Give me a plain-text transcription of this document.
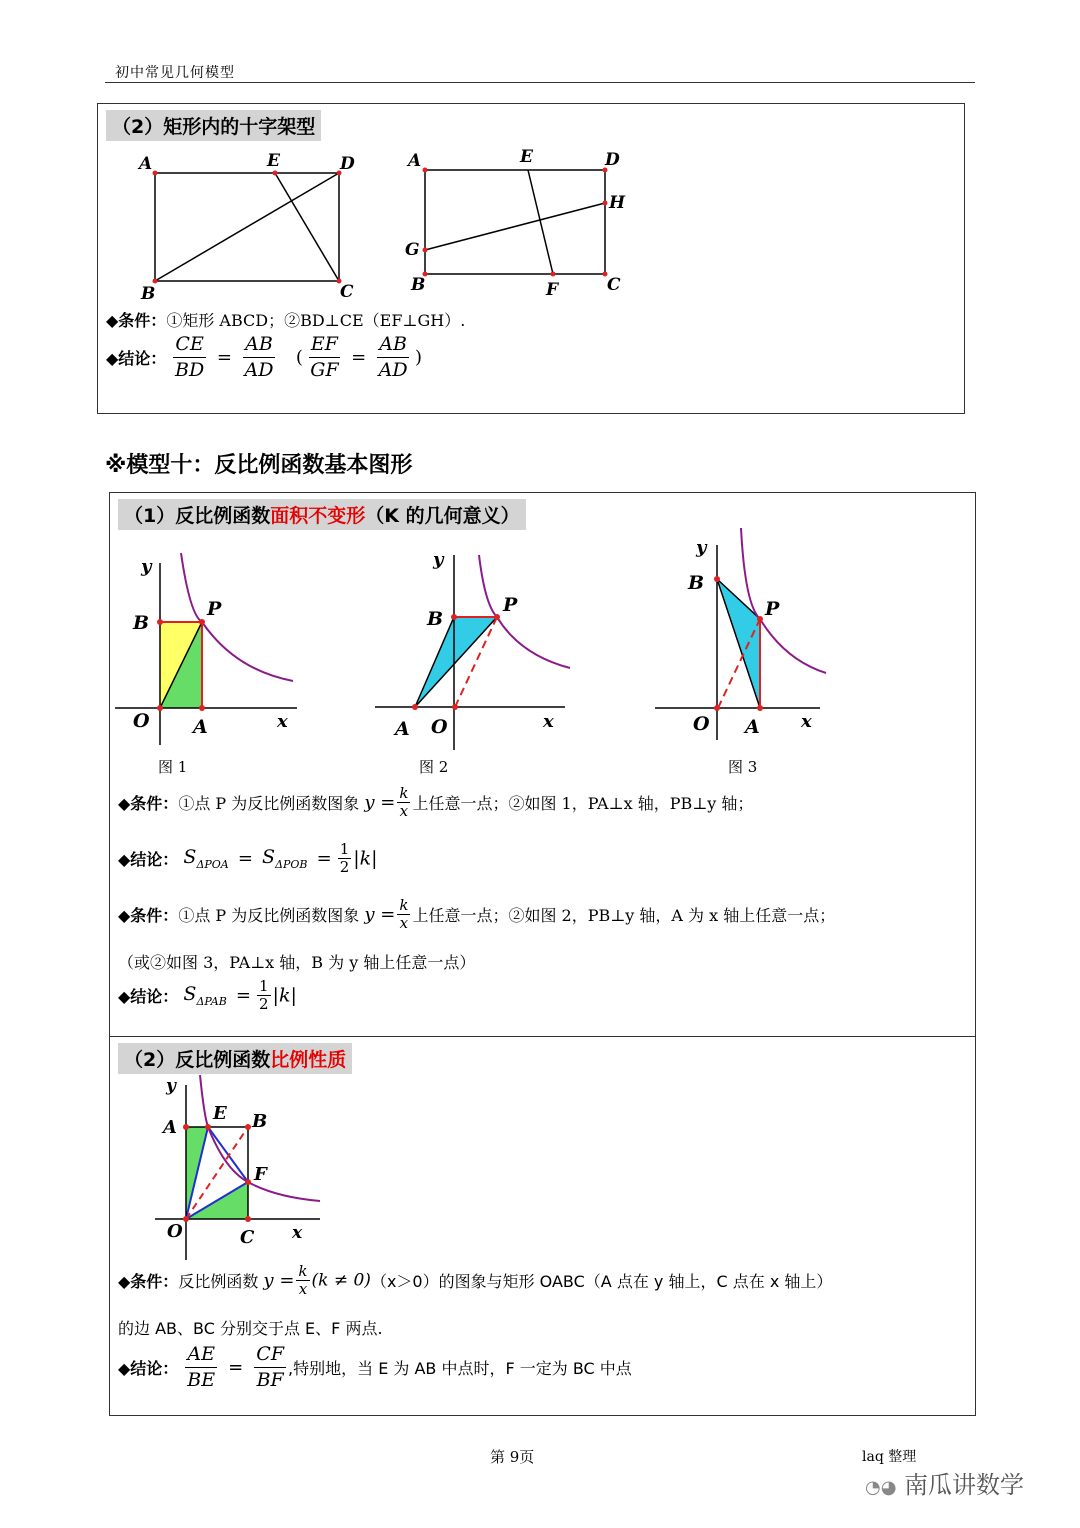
初中常见几何模型
（2）矩形内的十字架型
A	E	D
B	C
A	E	D
H
G
B	F	C
◆条件：①矩形 ABCD；②BD⊥CE（EF⊥GH）.
◆结论： $\frac{CE}{BD} = \frac{AB}{AD}$ ( $\frac{EF}{GF} = \frac{AB}{AD}$ )
※模型十：反比例函数基本图形
（1）反比例函数面积不变形（K 的几何意义）
y
B
P
O A	x
图 1
y
B
P
A O	x
图 2
y
B
P
O A x
图 3
◆条件：①点 P 为反比例函数图象 $y = \frac{k}{x}$ 上任意一点；②如图 1，PA⊥x 轴，PB⊥y 轴；
◆结论： $S_{\Delta POA} = S_{\Delta POB} = \frac{1}{2} |k|$
◆条件：①点 P 为反比例函数图象 $y = \frac{k}{x}$ 上任意一点；②如图 2，PB⊥y 轴，A 为 x 轴上任意一点；
（或②如图 3，PA⊥x 轴，B 为 y 轴上任意一点）
◆结论： $S_{\Delta PAB} = \frac{1}{2} |k|$
（2）反比例函数比例性质
y
A
E B
F
O	C x
◆条件：反比例函数 $y = \frac{k}{x} (k \ne 0)(x>0)$的图象与矩形 OABC（A 点在 y 轴上，C 点在 x 轴上）
的边 AB、BC 分别交于点 E、F 两点.
◆结论： $\frac{AE}{BE} = \frac{CF}{BF}$ ,特别地，当 E 为 AB 中点时，F 一定为 BC 中点
第 9页	laq 整理
◔◕ 南瓜讲数学
